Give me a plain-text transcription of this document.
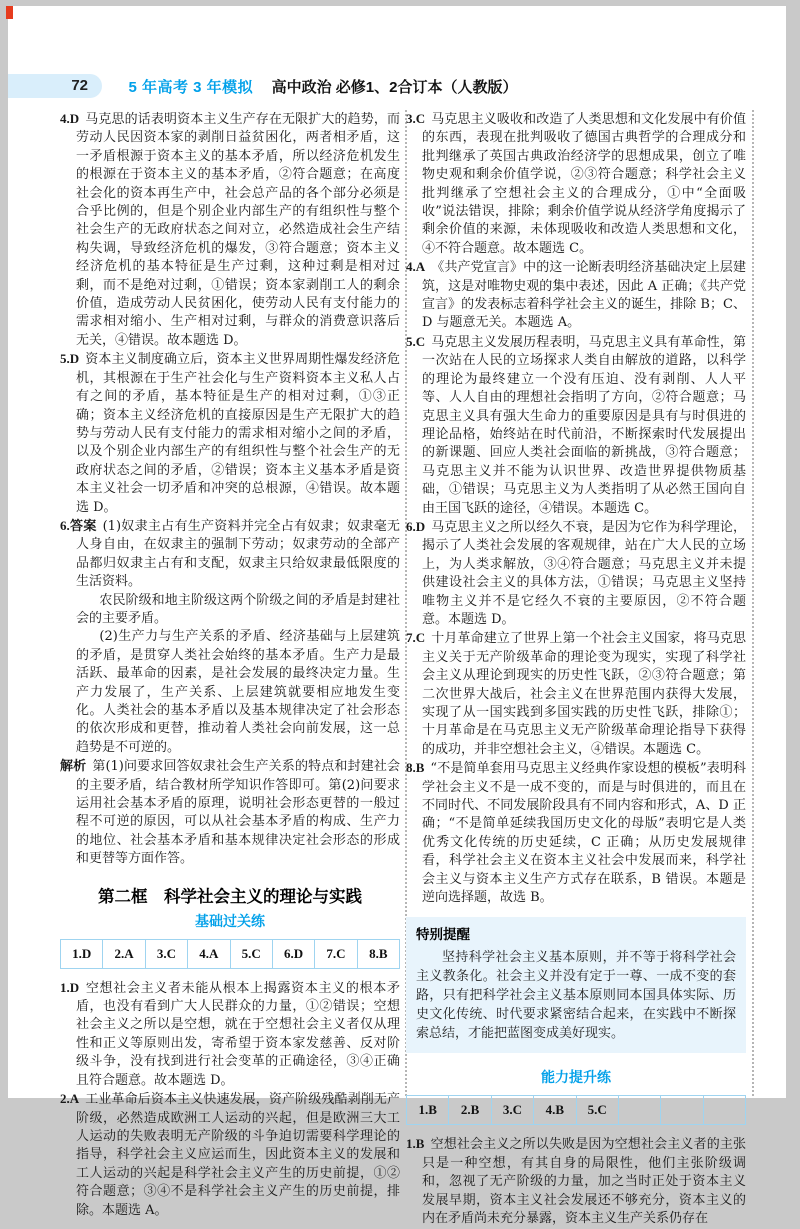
72	5 年高考 3 年模拟 高中政治 必修1、2合订本（人教版）

4.D 马克思的话表明资本主义生产存在无限扩大的趋势，而劳动人民因资本家的剥削日益贫困化，两者相矛盾，这一矛盾根源于资本主义的基本矛盾，所以经济危机发生的根源在于资本主义的基本矛盾，②符合题意；在高度社会化的资本再生产中，社会总产品的各个部分必须是合乎比例的，但是个别企业内部生产的有组织性与整个社会生产的无政府状态之间对立，必然造成社会生产结构失调，导致经济危机的爆发，③符合题意；资本主义经济危机的基本特征是生产过剩，这种过剩是相对过剩，而不是绝对过剩，①错误；资本家剥削工人的剩余价值，造成劳动人民贫困化，使劳动人民有支付能力的需求相对缩小、生产相对过剩，与群众的消费意识落后无关，④错误。故本题选 D。

5.D 资本主义制度确立后，资本主义世界周期性爆发经济危机，其根源在于生产社会化与生产资料资本主义私人占有之间的矛盾，基本特征是生产的相对过剩，①③正确；资本主义经济危机的直接原因是生产无限扩大的趋势与劳动人民有支付能力的需求相对缩小之间的矛盾，以及个别企业内部生产的有组织性与整个社会生产的无政府状态之间的矛盾，②错误；资本主义基本矛盾是资本主义社会一切矛盾和冲突的总根源，④错误。故本题选 D。

6.答案 (1)奴隶主占有生产资料并完全占有奴隶；奴隶毫无人身自由，在奴隶主的强制下劳动；奴隶劳动的全部产品都归奴隶主占有和支配，奴隶主只给奴隶最低限度的生活资料。

农民阶级和地主阶级这两个阶级之间的矛盾是封建社会的主要矛盾。

(2)生产力与生产关系的矛盾、经济基础与上层建筑的矛盾，是贯穿人类社会始终的基本矛盾。生产力是最活跃、最革命的因素，是社会发展的最终决定力量。生产力发展了，生产关系、上层建筑就要相应地发生变化。人类社会的基本矛盾以及基本规律决定了社会形态的依次形成和更替，推动着人类社会向前发展，这一总趋势是不可逆的。

解析 第(1)问要求回答奴隶社会生产关系的特点和封建社会的主要矛盾，结合教材所学知识作答即可。第(2)问要求运用社会基本矛盾的原理，说明社会形态更替的一般过程不可逆的原因，可以从社会基本矛盾的构成、生产力的地位、社会基本矛盾和基本规律决定社会形态的形成和更替等方面作答。

第二框　科学社会主义的理论与实践
基础过关练
1.D	2.A	3.C	4.A	5.C	6.D	7.C	8.B

1.D 空想社会主义者未能从根本上揭露资本主义的根本矛盾，也没有看到广大人民群众的力量，①②错误；空想社会主义之所以是空想，就在于空想社会主义者仅从理性和正义等原则出发，寄希望于资本家发慈善、反对阶级斗争，没有找到进行社会变革的正确途径，③④正确且符合题意。故本题选 D。

2.A 工业革命后资本主义快速发展，资产阶级残酷剥削无产阶级，必然造成欧洲工人运动的兴起，但是欧洲三大工人运动的失败表明无产阶级的斗争迫切需要科学理论的指导，科学社会主义应运而生，因此资本主义的发展和工人运动的兴起是科学社会主义产生的历史前提，①②符合题意；③④不是科学社会主义产生的历史前提，排除。本题选 A。

3.C 马克思主义吸收和改造了人类思想和文化发展中有价值的东西，表现在批判吸收了德国古典哲学的合理成分和批判继承了英国古典政治经济学的思想成果，创立了唯物史观和剩余价值学说，②③符合题意；科学社会主义批判继承了空想社会主义的合理成分，①中“全面吸收”说法错误，排除；剩余价值学说从经济学角度揭示了剩余价值的来源，未体现吸收和改造人类思想和文化，④不符合题意。故本题选 C。

4.A 《共产党宣言》中的这一论断表明经济基础决定上层建筑，这是对唯物史观的集中表述，因此 A 正确；《共产党宣言》的发表标志着科学社会主义的诞生，排除 B；C、D 与题意无关。本题选 A。

5.C 马克思主义发展历程表明，马克思主义具有革命性，第一次站在人民的立场探求人类自由解放的道路，以科学的理论为最终建立一个没有压迫、没有剥削、人人平等、人人自由的理想社会指明了方向，②符合题意；马克思主义具有强大生命力的重要原因是具有与时俱进的理论品格，始终站在时代前沿，不断探索时代发展提出的新课题、回应人类社会面临的新挑战，③符合题意；马克思主义并不能为认识世界、改造世界提供物质基础，①错误；马克思主义为人类指明了从必然王国向自由王国飞跃的途径，④错误。本题选 C。

6.D 马克思主义之所以经久不衰，是因为它作为科学理论，揭示了人类社会发展的客观规律，站在广大人民的立场上，为人类求解放，③④符合题意；马克思主义并未提供建设社会主义的具体方法，①错误；马克思主义坚持唯物主义并不是它经久不衰的主要原因，②不符合题意。本题选 D。

7.C 十月革命建立了世界上第一个社会主义国家，将马克思主义关于无产阶级革命的理论变为现实，实现了科学社会主义从理论到现实的历史性飞跃，②③符合题意；第二次世界大战后，社会主义在世界范围内获得大发展，实现了从一国实践到多国实践的历史性飞跃，排除①；十月革命是在马克思主义无产阶级革命理论指导下获得的成功，并非空想社会主义，④错误。本题选 C。

8.B “不是简单套用马克思主义经典作家设想的模板”表明科学社会主义不是一成不变的，而是与时俱进的，而且在不同时代、不同发展阶段具有不同内容和形式，A、D 正确；“不是简单延续我国历史文化的母版”表明它是人类优秀文化传统的历史延续，C 正确；从历史发展规律看，科学社会主义在资本主义社会中发展而来，科学社会主义与资本主义生产方式存在联系，B 错误。本题是逆向选择题，故选 B。

特别提醒

坚持科学社会主义基本原则，并不等于将科学社会主义教条化。社会主义并没有定于一尊、一成不变的套路，只有把科学社会主义基本原则同本国具体实际、历史文化传统、时代要求紧密结合起来，在实践中不断探索总结，才能把蓝图变成美好现实。

能力提升练
1.B	2.B	3.C	4.B	5.C			

1.B 空想社会主义之所以失败是因为空想社会主义者的主张只是一种空想，有其自身的局限性，他们主张阶级调和，忽视了无产阶级的力量，加之当时正处于资本主义发展早期，资本主义社会发展还不够充分，资本主义的内在矛盾尚未充分暴露，资本主义生产关系仍存在
